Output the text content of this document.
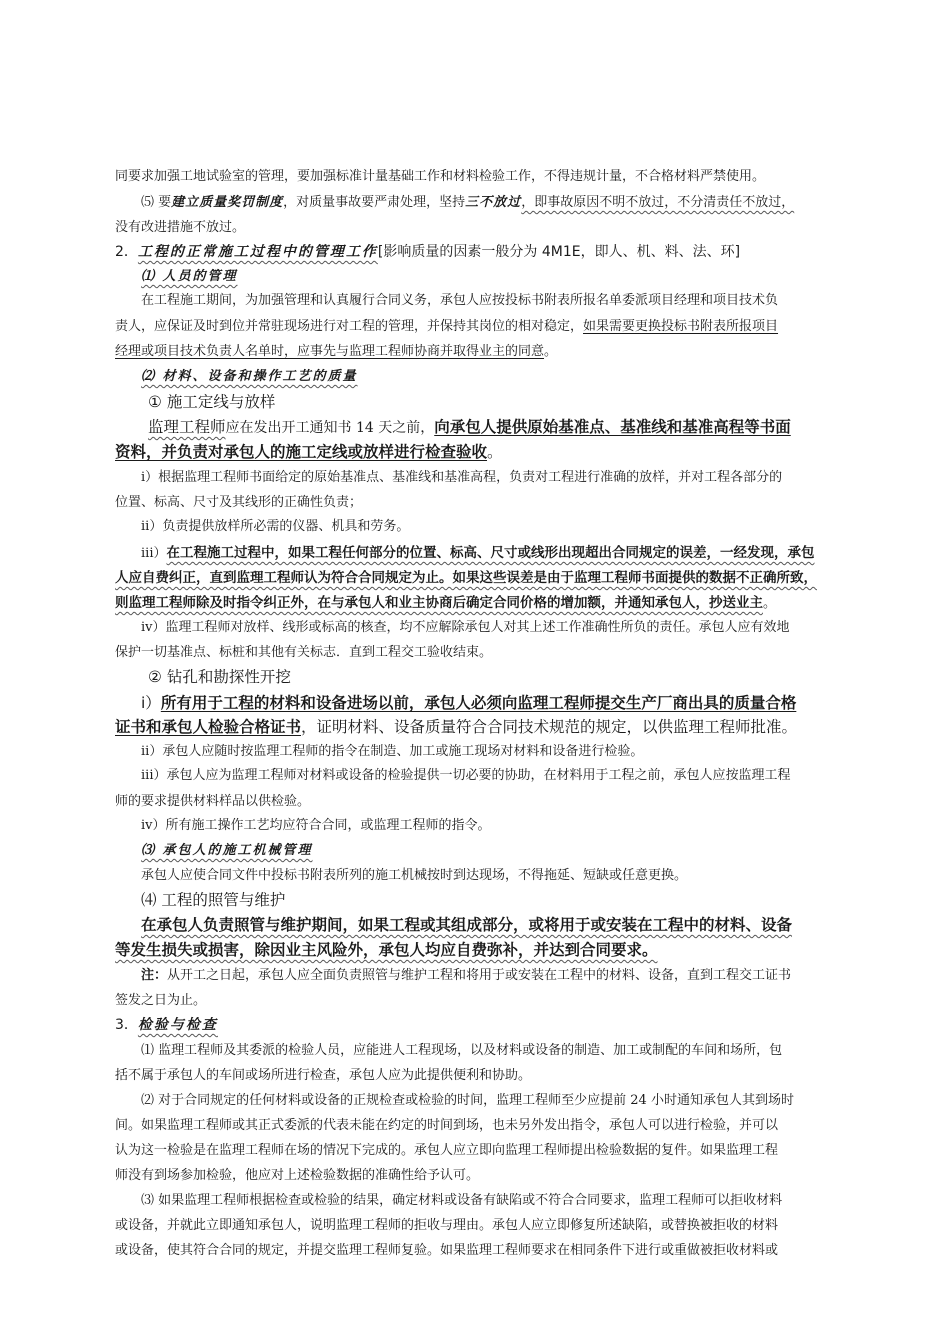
同要求加强工地试验室的管理，要加强标准计量基础工作和材料检验工作，不得违规计量，不合格材料严禁使用。
⑸ 要建立质量奖罚制度，对质量事故要严肃处理，坚持三不放过，即事故原因不明不放过，不分清责任不放过，
没有改进措施不放过。
2．工程的正常施工过程中的管理工作[影响质量的因素一般分为 4M1E，即人、机、料、法、环]
⑴ 人员的管理
在工程施工期间，为加强管理和认真履行合同义务，承包人应按投标书附表所报名单委派项目经理和项目技术负
责人，应保证及时到位并常驻现场进行对工程的管理，并保持其岗位的相对稳定，如果需要更换投标书附表所报项目
经理或项目技术负责人名单时，应事先与监理工程师协商并取得业主的同意。
⑵ 材料、设备和操作工艺的质量
① 施工定线与放样
监理工程师应在发出开工通知书 14 天之前，向承包人提供原始基准点、基准线和基准高程等书面
资料，并负责对承包人的施工定线或放样进行检查验收。
i）根据监理工程师书面给定的原始基准点、基准线和基准高程，负责对工程进行准确的放样，并对工程各部分的
位置、标高、尺寸及其线形的正确性负责；
ii）负责提供放样所必需的仪器、机具和劳务。
iii）在工程施工过程中，如果工程任何部分的位置、标高、尺寸或线形出现超出合同规定的误差，一经发现，承包
人应自费纠正，直到监理工程师认为符合合同规定为止。如果这些误差是由于监理工程师书面提供的数据不正确所致，
则监理工程师除及时指令纠正外，在与承包人和业主协商后确定合同价格的增加额，并通知承包人，抄送业主。
iv）监理工程师对放样、线形或标高的核查，均不应解除承包人对其上述工作准确性所负的责任。承包人应有效地
保护一切基准点、标桩和其他有关标志．直到工程交工验收结束。
② 钻孔和勘探性开挖
i）所有用于工程的材料和设备进场以前，承包人必须向监理工程师提交生产厂商出具的质量合格
证书和承包人检验合格证书，证明材料、设备质量符合合同技术规范的规定，以供监理工程师批准。
ii）承包人应随时按监理工程师的指令在制造、加工或施工现场对材料和设备进行检验。
iii）承包人应为监理工程师对材料或设备的检验提供一切必要的协助，在材料用于工程之前，承包人应按监理工程
师的要求提供材料样品以供检验。
iv）所有施工操作工艺均应符合合同，或监理工程师的指令。
⑶ 承包人的施工机械管理
承包人应使合同文件中投标书附表所列的施工机械按时到达现场，不得拖延、短缺或任意更换。
⑷ 工程的照管与维护
在承包人负责照管与维护期间，如果工程或其组成部分，或将用于或安装在工程中的材料、设备
等发生损失或损害，除因业主风险外，承包人均应自费弥补，并达到合同要求。
注：从开工之日起，承包人应全面负责照管与维护工程和将用于或安装在工程中的材料、设备，直到工程交工证书
签发之日为止。
3．检验与检查
⑴ 监理工程师及其委派的检验人员，应能进人工程现场，以及材料或设备的制造、加工或制配的车间和场所，包
括不属于承包人的车间或场所进行检查，承包人应为此提供便利和协助。
⑵ 对于合同规定的任何材料或设备的正规检查或检验的时间，监理工程师至少应提前 24 小时通知承包人其到场时
间。如果监理工程师或其正式委派的代表未能在约定的时间到场，也未另外发出指令，承包人可以进行检验，并可以
认为这一检验是在监理工程师在场的情况下完成的。承包人应立即向监理工程师提出检验数据的复件。如果监理工程
师没有到场参加检验，他应对上述检验数据的准确性给予认可。
⑶ 如果监理工程师根据检查或检验的结果，确定材料或设备有缺陷或不符合合同要求，监理工程师可以拒收材料
或设备，并就此立即通知承包人，说明监理工程师的拒收与理由。承包人应立即修复所述缺陷，或替换被拒收的材料
或设备，使其符合合同的规定，并提交监理工程师复验。如果监理工程师要求在相同条件下进行或重做被拒收材料或
